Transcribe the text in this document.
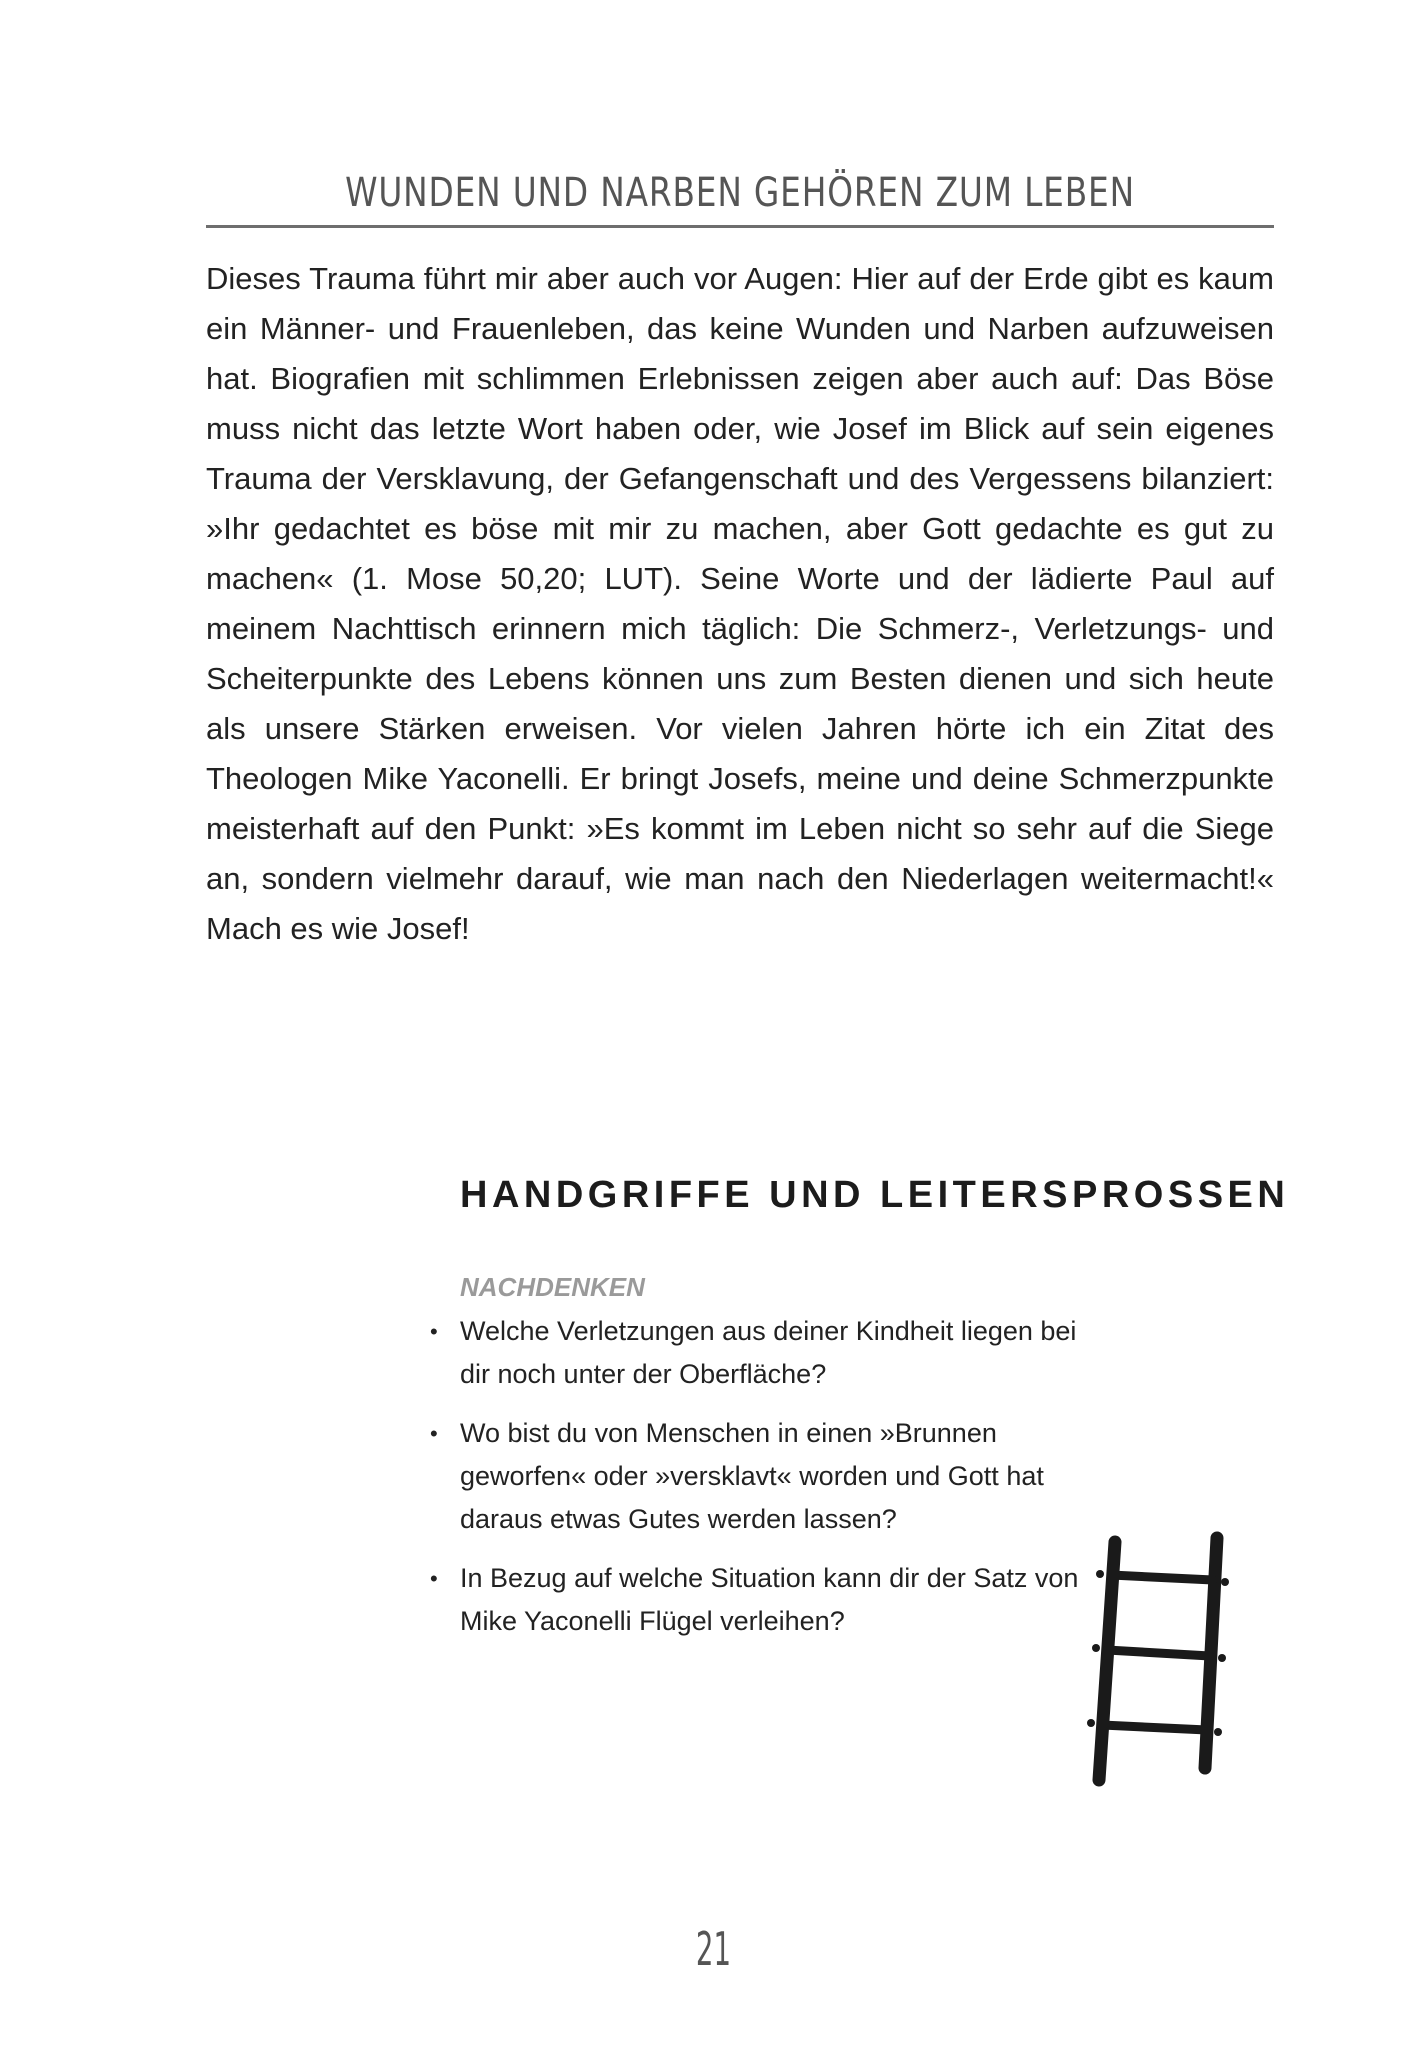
WUNDEN UND NARBEN GEHÖREN ZUM LEBEN

Dieses Trauma führt mir aber auch vor Augen: Hier auf der Erde gibt es kaum ein Männer- und Frauenleben, das keine Wunden und Narben aufzuweisen hat. Biografien mit schlimmen Erlebnissen zeigen aber auch auf: Das Böse muss nicht das letzte Wort haben oder, wie Josef im Blick auf sein eigenes Trauma der Versklavung, der Gefangenschaft und des Vergessens bilanziert: »Ihr gedachtet es böse mit mir zu machen, aber Gott gedachte es gut zu machen« (1. Mose 50,20; LUT). Seine Worte und der lädierte Paul auf meinem Nachttisch erinnern mich täglich: Die Schmerz-, Verletzungs- und Scheiterpunkte des Lebens können uns zum Besten dienen und sich heute als unsere Stärken erweisen. Vor vielen Jahren hörte ich ein Zitat des Theologen Mike Yaconelli. Er bringt Josefs, meine und deine Schmerzpunkte meisterhaft auf den Punkt: »Es kommt im Leben nicht so sehr auf die Siege an, sondern vielmehr darauf, wie man nach den Niederlagen weitermacht!« Mach es wie Josef!

HANDGRIFFE UND LEITERSPROSSEN
NACHDENKEN
• Welche Verletzungen aus deiner Kindheit liegen bei dir noch unter der Oberfläche?
• Wo bist du von Menschen in einen »Brunnen geworfen« oder »versklavt« worden und Gott hat daraus etwas Gutes werden lassen?
• In Bezug auf welche Situation kann dir der Satz von Mike Yaconelli Flügel verleihen?
21
